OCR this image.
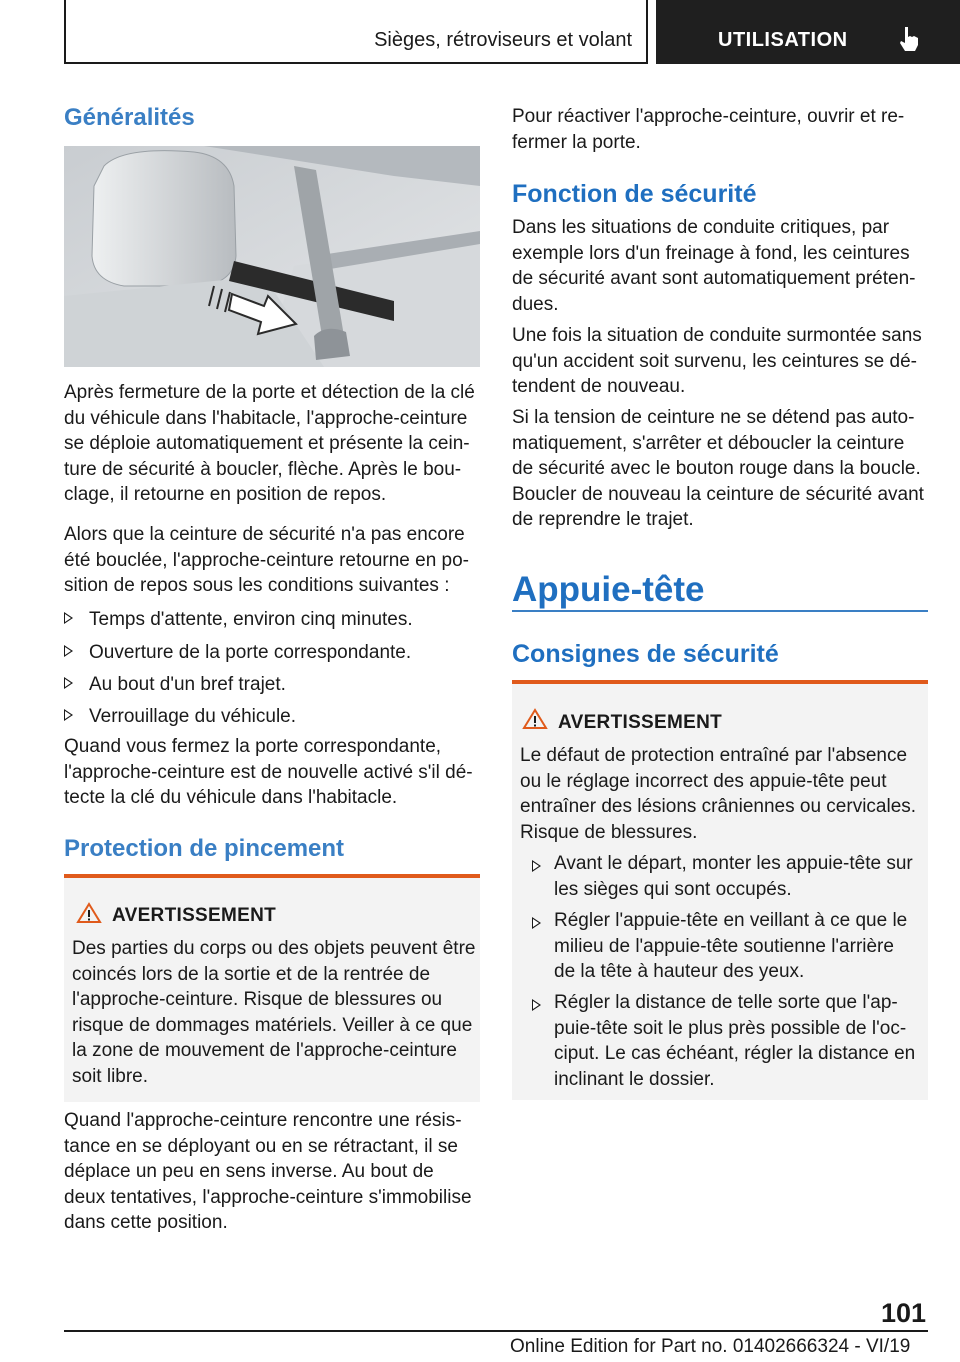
Sièges, rétroviseurs et volant	UTILISATION
Généralités

Après fermeture de la porte et détection de la clé du véhicule dans l'habitacle, l'approche-ceinture se déploie automatiquement et présente la cein-ture de sécurité à boucler, flèche. Après le bou-clage, il retourne en position de repos.

Alors que la ceinture de sécurité n'a pas encore été bouclée, l'approche-ceinture retourne en po-sition de repos sous les conditions suivantes :

Temps d'attente, environ cinq minutes.
Ouverture de la porte correspondante.
Au bout d'un bref trajet.
Verrouillage du véhicule.

Quand vous fermez la porte correspondante, l'approche-ceinture est de nouvelle activé s'il dé-tecte la clé du véhicule dans l'habitacle.

Protection de pincement
AVERTISSEMENT

Des parties du corps ou des objets peuvent être coincés lors de la sortie et de la rentrée de l'approche-ceinture. Risque de blessures ou risque de dommages matériels. Veiller à ce que la zone de mouvement de l'approche-ceinture soit libre.

Quand l'approche-ceinture rencontre une résis-tance en se déployant ou en se rétractant, il se déplace un peu en sens inverse. Au bout de deux tentatives, l'approche-ceinture s'immobilise dans cette position.

Pour réactiver l'approche-ceinture, ouvrir et re-fermer la porte.

Fonction de sécurité

Dans les situations de conduite critiques, par exemple lors d'un freinage à fond, les ceintures de sécurité avant sont automatiquement préten-dues.

Une fois la situation de conduite surmontée sans qu'un accident soit survenu, les ceintures se dé-tendent de nouveau.

Si la tension de ceinture ne se détend pas auto-matiquement, s'arrêter et déboucler la ceinture de sécurité avec le bouton rouge dans la boucle. Boucler de nouveau la ceinture de sécurité avant de reprendre le trajet.

Appuie-tête
Consignes de sécurité
AVERTISSEMENT

Le défaut de protection entraîné par l'absence ou le réglage incorrect des appuie-tête peut entraîner des lésions crâniennes ou cervicales. Risque de blessures.

Avant le départ, monter les appuie-tête sur les sièges qui sont occupés.

Régler l'appuie-tête en veillant à ce que le milieu de l'appuie-tête soutienne l'arrière de la tête à hauteur des yeux.

Régler la distance de telle sorte que l'ap-puie-tête soit le plus près possible de l'oc-ciput. Le cas échéant, régler la distance en inclinant le dossier.

101
Online Edition for Part no. 01402666324 - VI/19
